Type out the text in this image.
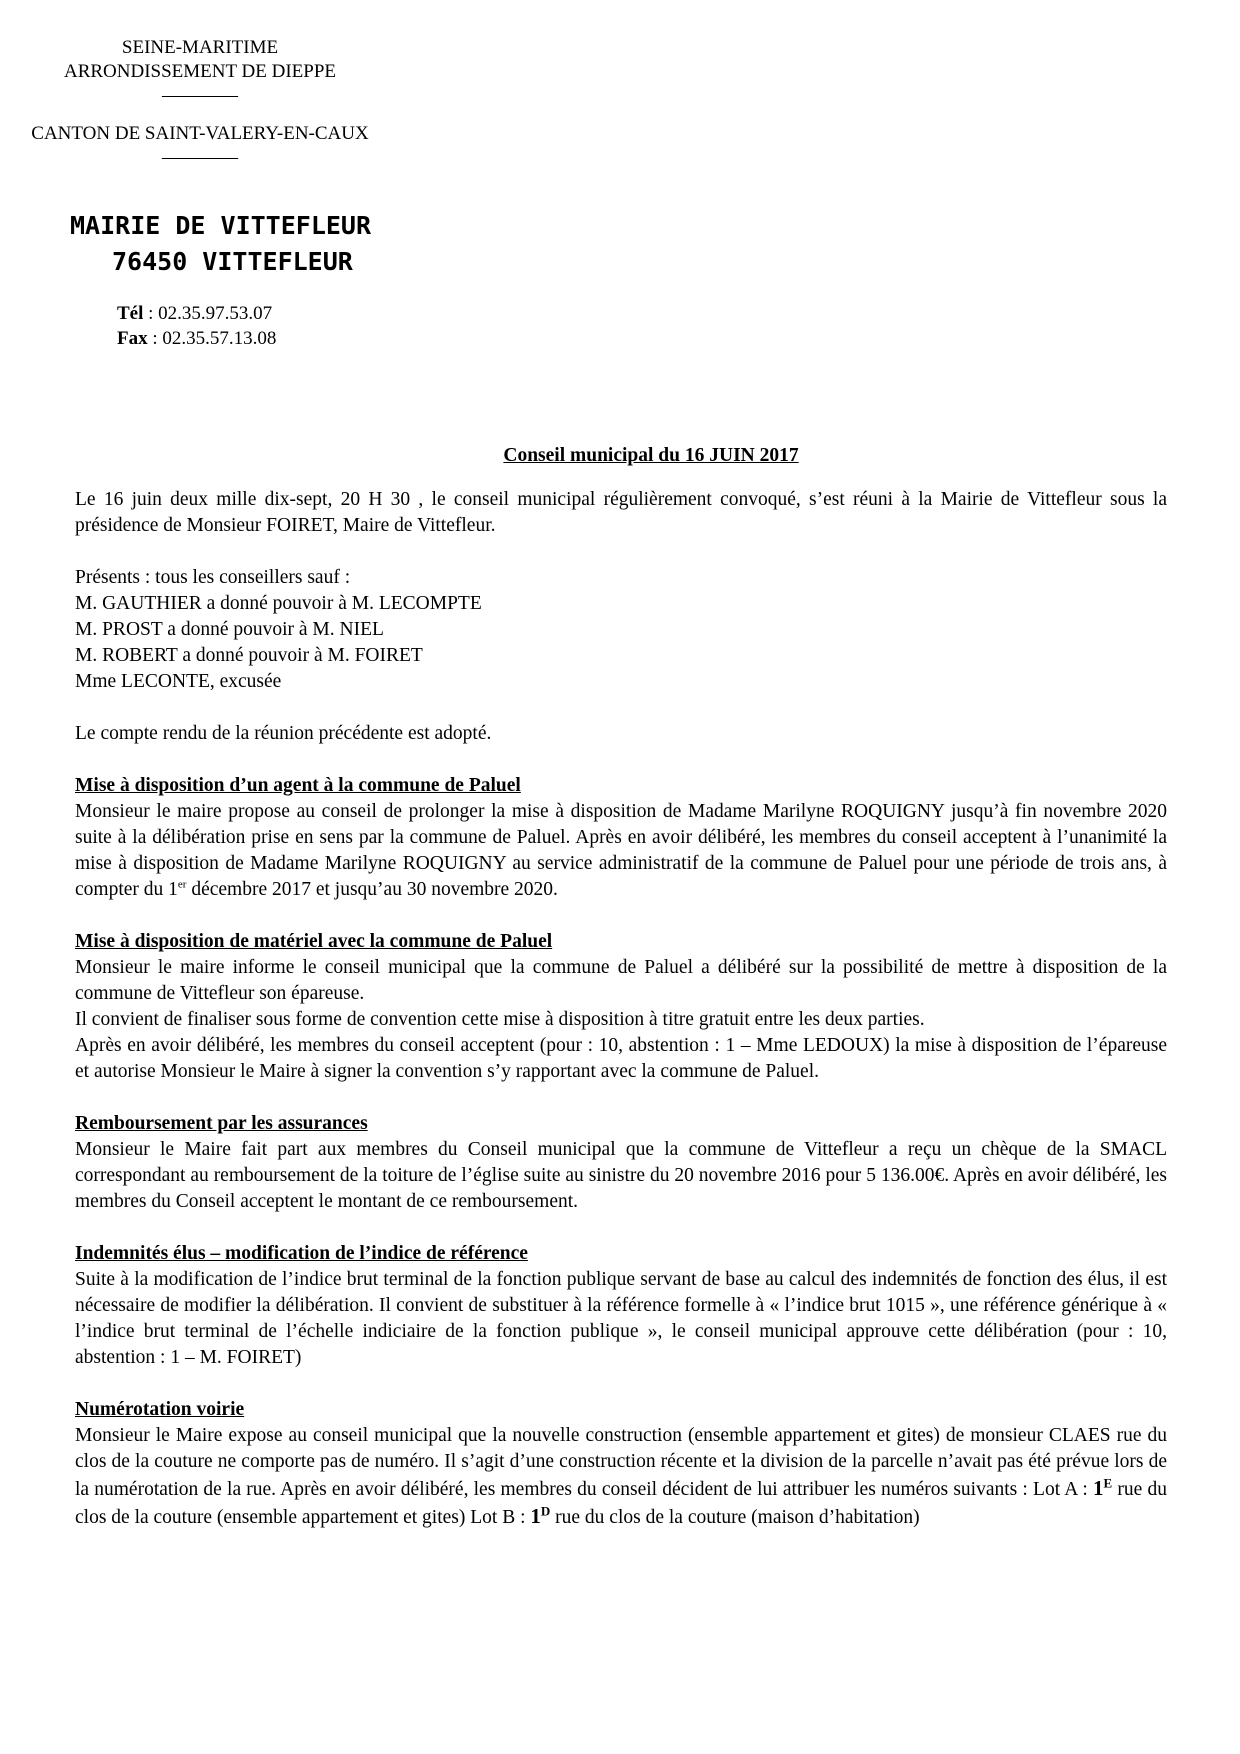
SEINE-MARITIME
ARRONDISSEMENT DE DIEPPE
————
CANTON DE SAINT-VALERY-EN-CAUX
————
MAIRIE DE VITTEFLEUR
76450 VITTEFLEUR
Tél : 02.35.97.53.07
Fax : 02.35.57.13.08
Conseil municipal du 16 JUIN 2017

Le 16 juin deux mille dix-sept, 20 H 30 , le conseil municipal régulièrement convoqué, s’est réuni à la Mairie de Vittefleur sous la présidence de Monsieur FOIRET, Maire de Vittefleur.

Présents : tous les conseillers sauf :

M. GAUTHIER a donné pouvoir à M. LECOMPTE

M. PROST a donné pouvoir à M. NIEL

M. ROBERT a donné pouvoir à M. FOIRET

Mme LECONTE, excusée

Le compte rendu de la réunion précédente est adopté.

Mise à disposition d’un agent à la commune de Paluel

Monsieur le maire propose au conseil de prolonger la mise à disposition de Madame Marilyne ROQUIGNY jusqu’à fin novembre 2020 suite à la délibération prise en sens par la commune de Paluel. Après en avoir délibéré, les membres du conseil acceptent à l’unanimité la mise à disposition de Madame Marilyne ROQUIGNY au service administratif de la commune de Paluel pour une période de trois ans, à compter du 1er décembre 2017 et jusqu’au 30 novembre 2020.

Mise à disposition de matériel avec la commune de Paluel

Monsieur le maire informe le conseil municipal que la commune de Paluel a délibéré sur la possibilité de mettre à disposition de la commune de Vittefleur son épareuse.

Il convient de finaliser sous forme de convention cette mise à disposition à titre gratuit entre les deux parties.

Après en avoir délibéré, les membres du conseil acceptent (pour : 10, abstention : 1 – Mme LEDOUX) la mise à disposition de l’épareuse et autorise Monsieur le Maire à signer la convention s’y rapportant avec la commune de Paluel.

Remboursement par les assurances

Monsieur le Maire fait part aux membres du Conseil municipal que la commune de Vittefleur a reçu un chèque de la SMACL correspondant au remboursement de la toiture de l’église suite au sinistre du 20 novembre 2016 pour 5 136.00€. Après en avoir délibéré, les membres du Conseil acceptent le montant de ce remboursement.

Indemnités élus – modification de l’indice de référence

Suite à la modification de l’indice brut terminal de la fonction publique servant de base au calcul des indemnités de fonction des élus, il est nécessaire de modifier la délibération. Il convient de substituer à la référence formelle à « l’indice brut 1015 », une référence générique à « l’indice brut terminal de l’échelle indiciaire de la fonction publique », le conseil municipal approuve cette délibération (pour : 10, abstention : 1 – M. FOIRET)

Numérotation voirie

Monsieur le Maire expose au conseil municipal que la nouvelle construction (ensemble appartement et gites) de monsieur CLAES rue du clos de la couture ne comporte pas de numéro. Il s’agit d’une construction récente et la division de la parcelle n’avait pas été prévue lors de la numérotation de la rue. Après en avoir délibéré, les membres du conseil décident de lui attribuer les numéros suivants : Lot A : $1^E$ rue du clos de la couture (ensemble appartement et gites) Lot B : $1^D$ rue du clos de la couture (maison d’habitation)
